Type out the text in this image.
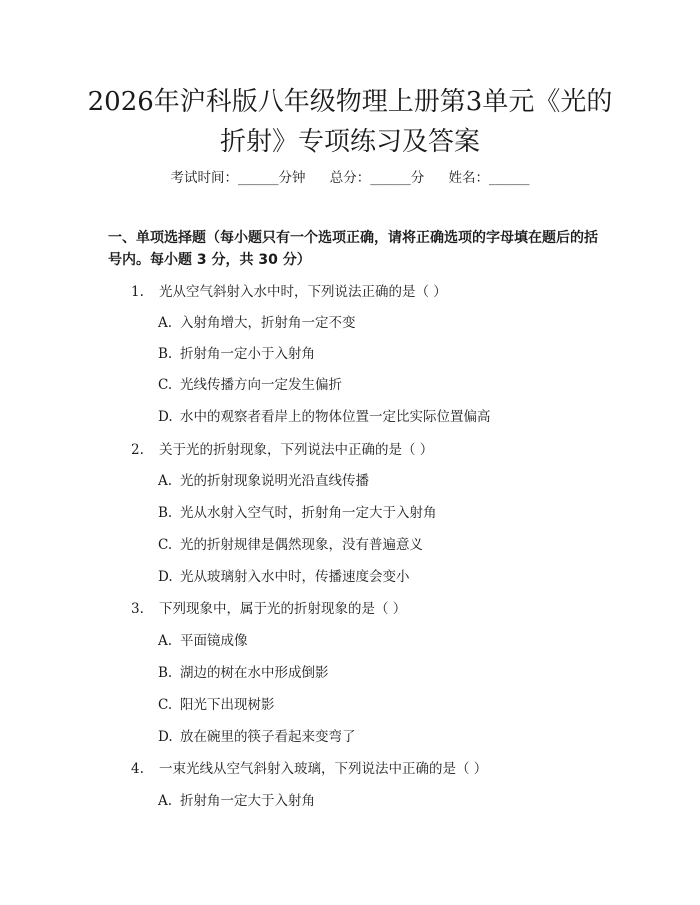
2026年沪科版八年级物理上册第3单元《光的折射》专项练习及答案
考试时间：______分钟 总分：______分 姓名：______
一、单项选择题（每小题只有一个选项正确，请将正确选项的字母填在题后的括号内。每小题 3 分，共 30 分）
1. 光从空气斜射入水中时，下列说法正确的是（ ）
A. 入射角增大，折射角一定不变
B. 折射角一定小于入射角
C. 光线传播方向一定发生偏折
D. 水中的观察者看岸上的物体位置一定比实际位置偏高
2. 关于光的折射现象，下列说法中正确的是（ ）
A. 光的折射现象说明光沿直线传播
B. 光从水射入空气时，折射角一定大于入射角
C. 光的折射规律是偶然现象，没有普遍意义
D. 光从玻璃射入水中时，传播速度会变小
3. 下列现象中，属于光的折射现象的是（ ）
A. 平面镜成像
B. 湖边的树在水中形成倒影
C. 阳光下出现树影
D. 放在碗里的筷子看起来变弯了
4. 一束光线从空气斜射入玻璃，下列说法中正确的是（ ）
A. 折射角一定大于入射角
